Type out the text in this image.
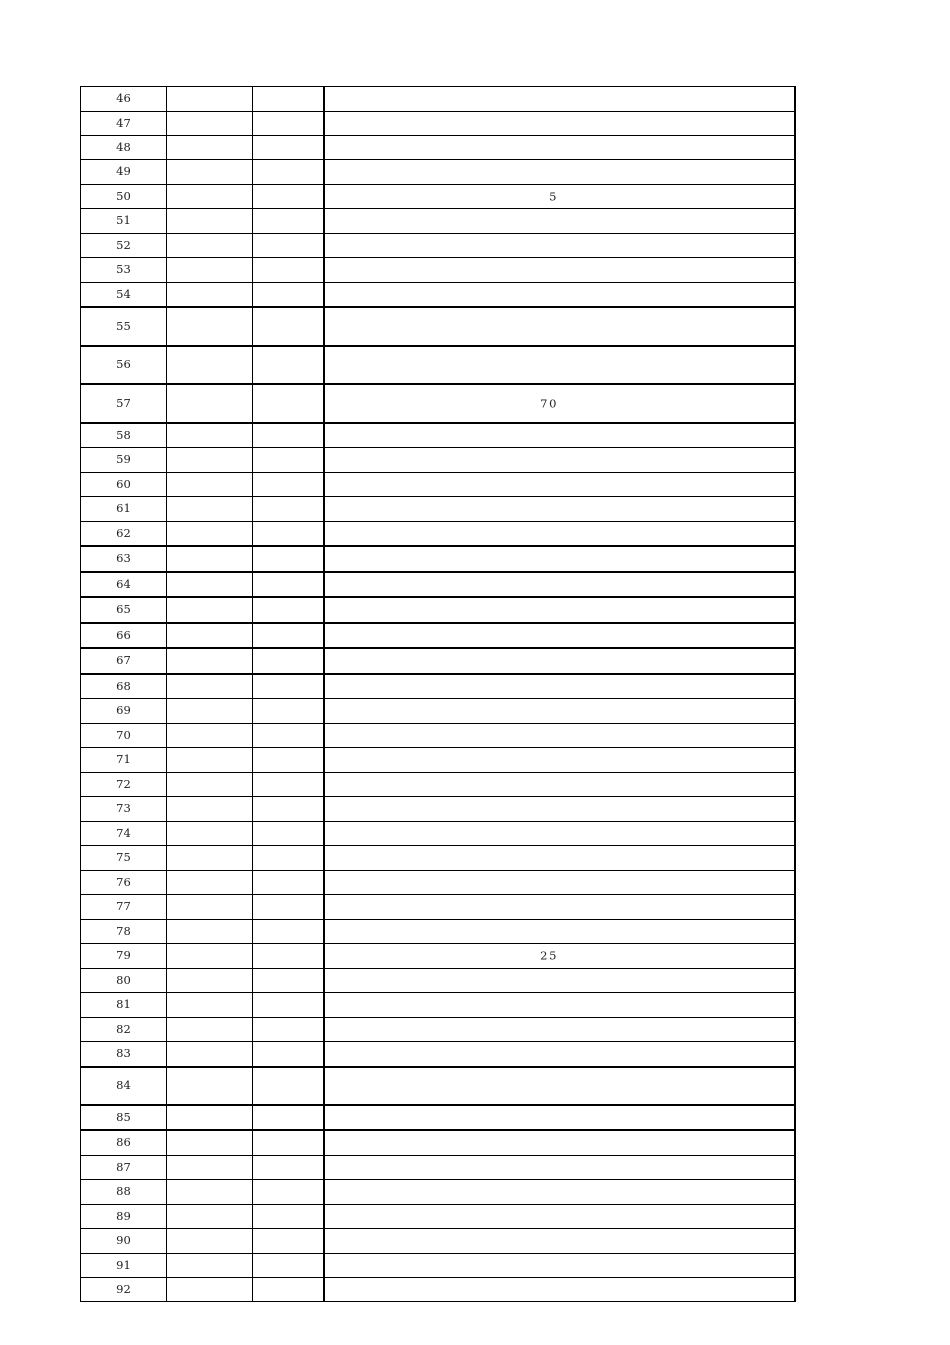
46			

47			

48			

49			

50			5

51			

52			

53			

54			

55			

56			

57			70

58			

59			

60			

61			

62			

63			

64			

65			

66			

67			

68			

69			

70			

71			

72			

73			

74			

75			

76			

77			

78			

79			25

80			

81			

82			

83			

84			

85			

86			

87			

88			

89			

90			

91			

92			
